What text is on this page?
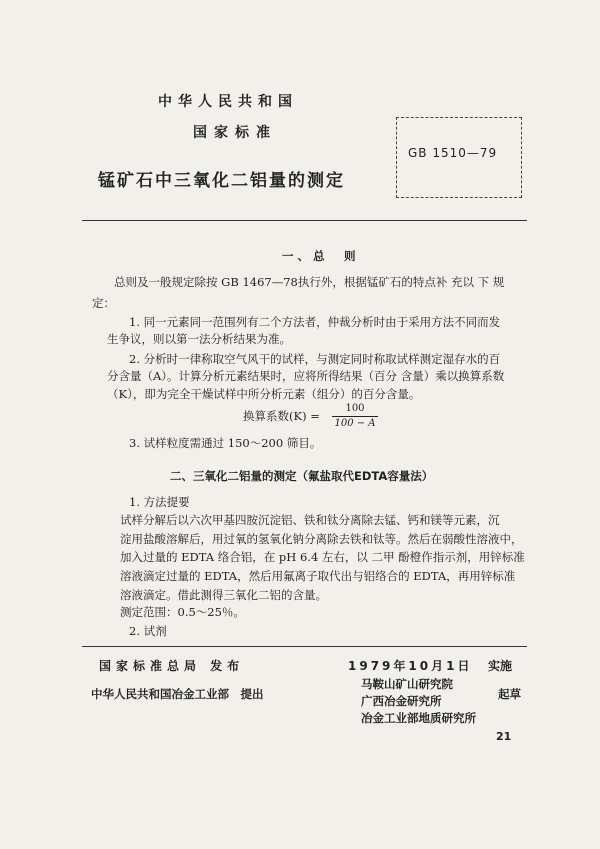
中华人民共和国
国家标准
锰矿石中三氧化二铝量的测定
GB 1510—79
一、总　则
总则及一般规定除按 GB 1467—78执行外，根据锰矿石的特点补 充以 下 规
定：
1. 同一元素同一范围列有二个方法者，仲裁分析时由于采用方法不同而发
生争议，则以第一法分析结果为准。
2. 分析时一律称取空气风干的试样，与测定同时称取试样测定湿存水的百
分含量（A）。计算分析元素结果时，应将所得结果（百分 含量）乘以换算系数
（K），即为完全干燥试样中所分析元素（组分）的百分含量。
换算系数$(K) = \frac{100}{100 - A}$
3. 试样粒度需通过 150～200 筛目。
二、三氧化二铝量的测定（氟盐取代EDTA容量法）
1. 方法提要
试样分解后以六次甲基四胺沉淀铝、铁和钛分离除去锰、钙和镁等元素，沉
淀用盐酸溶解后，用过氧的氢氧化钠分离除去铁和钛等。然后在弱酸性溶液中，
加入过量的 EDTA 络合铝，在 pH 6.4 左右，以 二甲 酚橙作指示剂，用锌标准
溶液滴定过量的 EDTA，然后用氟离子取代出与铝络合的 EDTA，再用锌标准
溶液滴定。借此测得三氧化二铝的含量。
测定范围：0.5～25％。
2. 试剂
国家标准总局 发布	1979年10月1日 实施
中华人民共和国冶金工业部　提出
马鞍山矿山研究院
广西冶金研究所
冶金工业部地质研究所
起草
21
